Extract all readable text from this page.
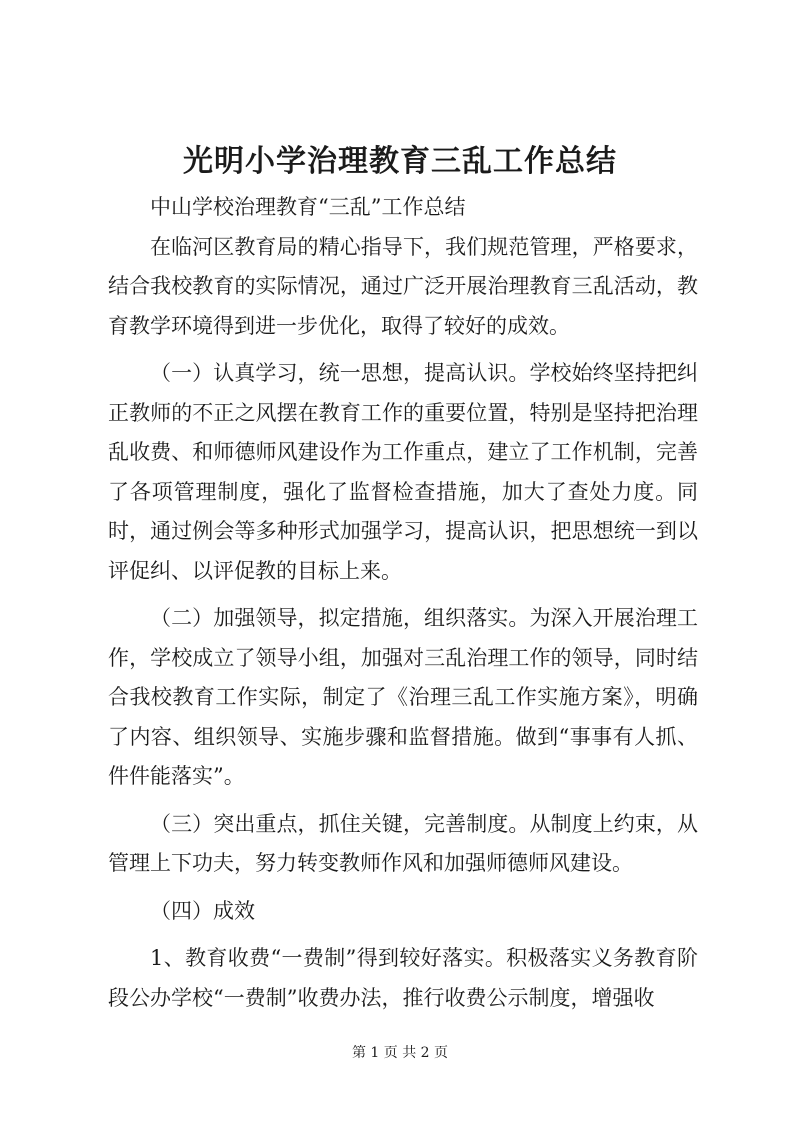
光明小学治理教育三乱工作总结

中山学校治理教育“三乱”工作总结

在临河区教育局的精心指导下，我们规范管理，严格要求，结合我校教育的实际情况，通过广泛开展治理教育三乱活动，教育教学环境得到进一步优化，取得了较好的成效。

（一）认真学习，统一思想，提高认识。学校始终坚持把纠正教师的不正之风摆在教育工作的重要位置，特别是坚持把治理乱收费、和师德师风建设作为工作重点，建立了工作机制，完善了各项管理制度，强化了监督检查措施，加大了查处力度。同时，通过例会等多种形式加强学习，提高认识，把思想统一到以评促纠、以评促教的目标上来。

（二）加强领导，拟定措施，组织落实。为深入开展治理工作，学校成立了领导小组，加强对三乱治理工作的领导，同时结合我校教育工作实际，制定了《治理三乱工作实施方案》，明确了内容、组织领导、实施步骤和监督措施。做到“事事有人抓、件件能落实”。

（三）突出重点，抓住关键，完善制度。从制度上约束，从管理上下功夫，努力转变教师作风和加强师德师风建设。

（四）成效

1、教育收费“一费制”得到较好落实。积极落实义务教育阶段公办学校“一费制”收费办法，推行收费公示制度，增强收

第 1 页 共 2 页
